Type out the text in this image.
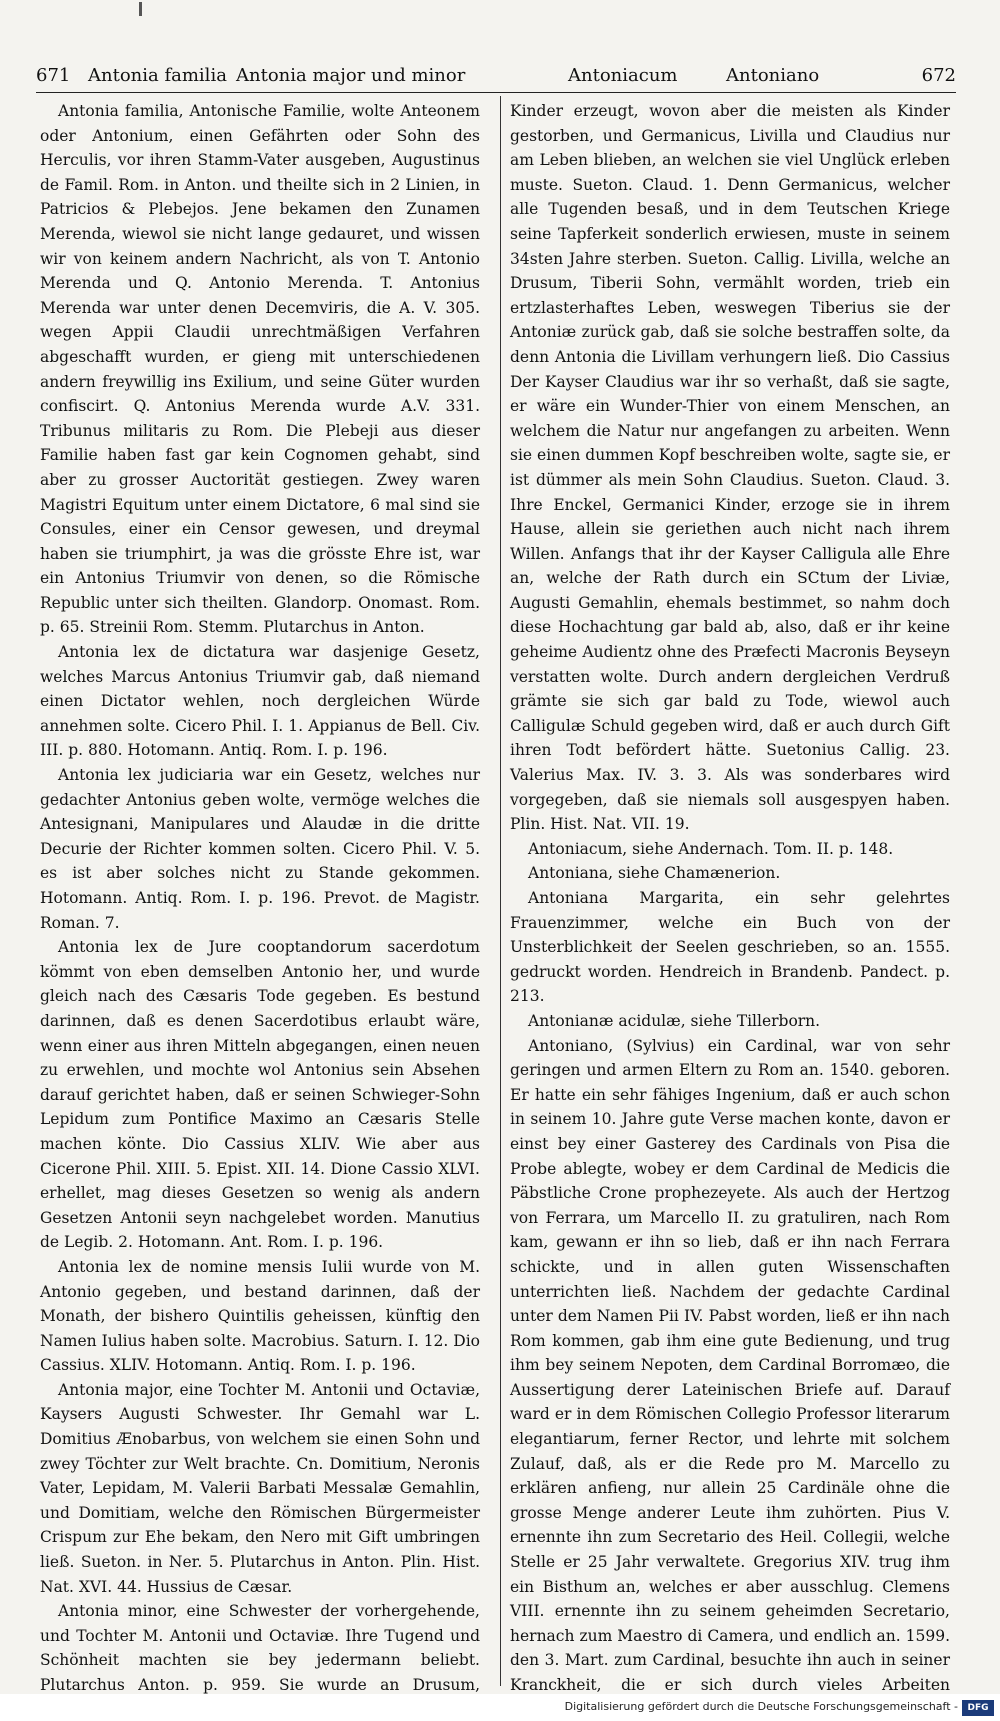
671 Antonia familia Antonia major und minor	Antoniacum	Antoniano	672

Antonia familia, Antonische Familie, wolte Anteonem oder Antonium, einen Gefährten oder Sohn des Herculis, vor ihren Stamm-Vater ausgeben, Augustinus de Famil. Rom. in Anton. und theilte sich in 2 Linien, in Patricios & Plebejos. Jene bekamen den Zunamen Merenda, wiewol sie nicht lange gedauret, und wissen wir von keinem andern Nachricht, als von T. Antonio Merenda und Q. Antonio Merenda. T. Antonius Merenda war unter denen Decemviris, die A. V. 305. wegen Appii Claudii unrechtmäßigen Verfahren abgeschafft wurden, er gieng mit unterschiedenen andern freywillig ins Exilium, und seine Güter wurden confiscirt. Q. Antonius Merenda wurde A.V. 331. Tribunus militaris zu Rom. Die Plebeji aus dieser Familie haben fast gar kein Cognomen gehabt, sind aber zu grosser Auctorität gestiegen. Zwey waren Magistri Equitum unter einem Dictatore, 6 mal sind sie Consules, einer ein Censor gewesen, und dreymal haben sie triumphirt, ja was die grösste Ehre ist, war ein Antonius Triumvir von denen, so die Römische Republic unter sich theilten. Glandorp. Onomast. Rom. p. 65. Streinii Rom. Stemm. Plutarchus in Anton.

Antonia lex de dictatura war dasjenige Gesetz, welches Marcus Antonius Triumvir gab, daß niemand einen Dictator wehlen, noch dergleichen Würde annehmen solte. Cicero Phil. I. 1. Appianus de Bell. Civ. III. p. 880. Hotomann. Antiq. Rom. I. p. 196.

Antonia lex judiciaria war ein Gesetz, welches nur gedachter Antonius geben wolte, vermöge welches die Antesignani, Manipulares und Alaudæ in die dritte Decurie der Richter kommen solten. Cicero Phil. V. 5. es ist aber solches nicht zu Stande gekommen. Hotomann. Antiq. Rom. I. p. 196. Prevot. de Magistr. Roman. 7.

Antonia lex de Jure cooptandorum sacerdotum kömmt von eben demselben Antonio her, und wurde gleich nach des Cæsaris Tode gegeben. Es bestund darinnen, daß es denen Sacerdotibus erlaubt wäre, wenn einer aus ihren Mitteln abgegangen, einen neuen zu erwehlen, und mochte wol Antonius sein Absehen darauf gerichtet haben, daß er seinen Schwieger-Sohn Lepidum zum Pontifice Maximo an Cæsaris Stelle machen könte. Dio Cassius XLIV. Wie aber aus Cicerone Phil. XIII. 5. Epist. XII. 14. Dione Cassio XLVI. erhellet, mag dieses Gesetzen so wenig als andern Gesetzen Antonii seyn nachgelebet worden. Manutius de Legib. 2. Hotomann. Ant. Rom. I. p. 196.

Antonia lex de nomine mensis Iulii wurde von M. Antonio gegeben, und bestand darinnen, daß der Monath, der bisherо Quintilis geheissen, künftig den Namen Iulius haben solte. Macrobius. Saturn. I. 12. Dio Cassius. XLIV. Hotomann. Antiq. Rom. I. p. 196.

Antonia major, eine Tochter M. Antonii und Octaviæ, Kaysers Augusti Schwester. Ihr Gemahl war L. Domitius Ænobarbus, von welchem sie einen Sohn und zwey Töchter zur Welt brachte. Cn. Domitium, Neronis Vater, Lepidam, M. Valerii Barbati Messalæ Gemahlin, und Domitiam, welche den Römischen Bürgermeister Crispum zur Ehe bekam, den Nero mit Gift umbringen ließ. Sueton. in Ner. 5. Plutarchus in Anton. Plin. Hist. Nat. XVI. 44. Hussius de Cæsar.

Antonia minor, eine Schwester der vorhergehende, und Tochter M. Antonii und Octaviæ. Ihre Tugend und Schönheit machten sie bey jedermann beliebt. Plutarchus Anton. p. 959. Sie wurde an Drusum,

Kinder erzeugt, wovon aber die meisten als Kinder gestorben, und Germanicus, Livilla und Claudius nur am Leben blieben, an welchen sie viel Unglück erleben muste. Sueton. Claud. 1. Denn Germanicus, welcher alle Tugenden besaß, und in dem Teutschen Kriege seine Tapferkeit sonderlich erwiesen, muste in seinem 34sten Jahre sterben. Sueton. Callig. Livilla, welche an Drusum, Tiberii Sohn, vermählt worden, trieb ein ertzlasterhaftes Leben, weswegen Tiberius sie der Antoniæ zurück gab, daß sie solche bestraffen solte, da denn Antonia die Livillam verhungern ließ. Dio Cassius Der Kayser Claudius war ihr so verhaßt, daß sie sagte, er wäre ein Wunder-Thier von einem Menschen, an welchem die Natur nur angefangen zu arbeiten. Wenn sie einen dummen Kopf beschreiben wolte, sagte sie, er ist dümmer als mein Sohn Claudius. Sueton. Claud. 3. Ihre Enckel, Germanici Kinder, erzoge sie in ihrem Hause, allein sie geriethen auch nicht nach ihrem Willen. Anfangs that ihr der Kayser Calligula alle Ehre an, welche der Rath durch ein SCtum der Liviæ, Augusti Gemahlin, ehemals bestimmet, so nahm doch diese Hochachtung gar bald ab, also, daß er ihr keine geheime Audientz ohne des Præfecti Macronis Beyseyn verstatten wolte. Durch andern dergleichen Verdruß grämte sie sich gar bald zu Tode, wiewol auch Calligulæ Schuld gegeben wird, daß er auch durch Gift ihren Todt befördert hätte. Suetonius Callig. 23. Valerius Max. IV. 3. 3. Als was sonderbares wird vorgegeben, daß sie niemals soll ausgespyen haben. Plin. Hist. Nat. VII. 19.

Antoniacum, siehe Andernach. Tom. II. p. 148.

Antoniana, siehe Chamænerion.

Antoniana Margarita, ein sehr gelehrtes Frauenzimmer, welche ein Buch von der Unsterblichkeit der Seelen geschrieben, so an. 1555. gedruckt worden. Hendreich in Brandenb. Pandect. p. 213.

Antonianæ acidulæ, siehe Tillerborn.

Antoniano, (Sylvius) ein Cardinal, war von sehr geringen und armen Eltern zu Rom an. 1540. geboren. Er hatte ein sehr fähiges Ingenium, daß er auch schon in seinem 10. Jahre gute Verse machen konte, davon er einst bey einer Gasterey des Cardinals von Pisa die Probe ablegte, wobey er dem Cardinal de Medicis die Päbstliche Crone prophezeyete. Als auch der Hertzog von Ferrara, um Marcello II. zu gratuliren, nach Rom kam, gewann er ihn so lieb, daß er ihn nach Ferrara schickte, und in allen guten Wissenschaften unterrichten ließ. Nachdem der gedachte Cardinal unter dem Namen Pii IV. Pabst worden, ließ er ihn nach Rom kommen, gab ihm eine gute Bedienung, und trug ihm bey seinem Nepoten, dem Cardinal Borromæo, die Aussertigung derer Lateinischen Briefe auf. Darauf ward er in dem Römischen Collegio Professor literarum elegantiarum, ferner Rector, und lehrte mit solchem Zulauf, daß, als er die Rede pro M. Marcello zu erklären anfieng, nur allein 25 Cardinäle ohne die grosse Menge anderer Leute ihm zuhörten. Pius V. ernennte ihn zum Secretario des Heil. Collegii, welche Stelle er 25 Jahr verwaltete. Gregorius XIV. trug ihm ein Bisthum an, welches er aber ausschlug. Clemens VIII. ernennte ihn zu seinem geheimden Secretario, hernach zum Maestro di Camera, und endlich an. 1599. den 3. Mart. zum Cardinal, besuchte ihn auch in seiner Kranckheit, die er sich durch vieles Arbeiten

Digitalisierung gefördert durch die Deutsche Forschungsgemeinschaft -	DFG
